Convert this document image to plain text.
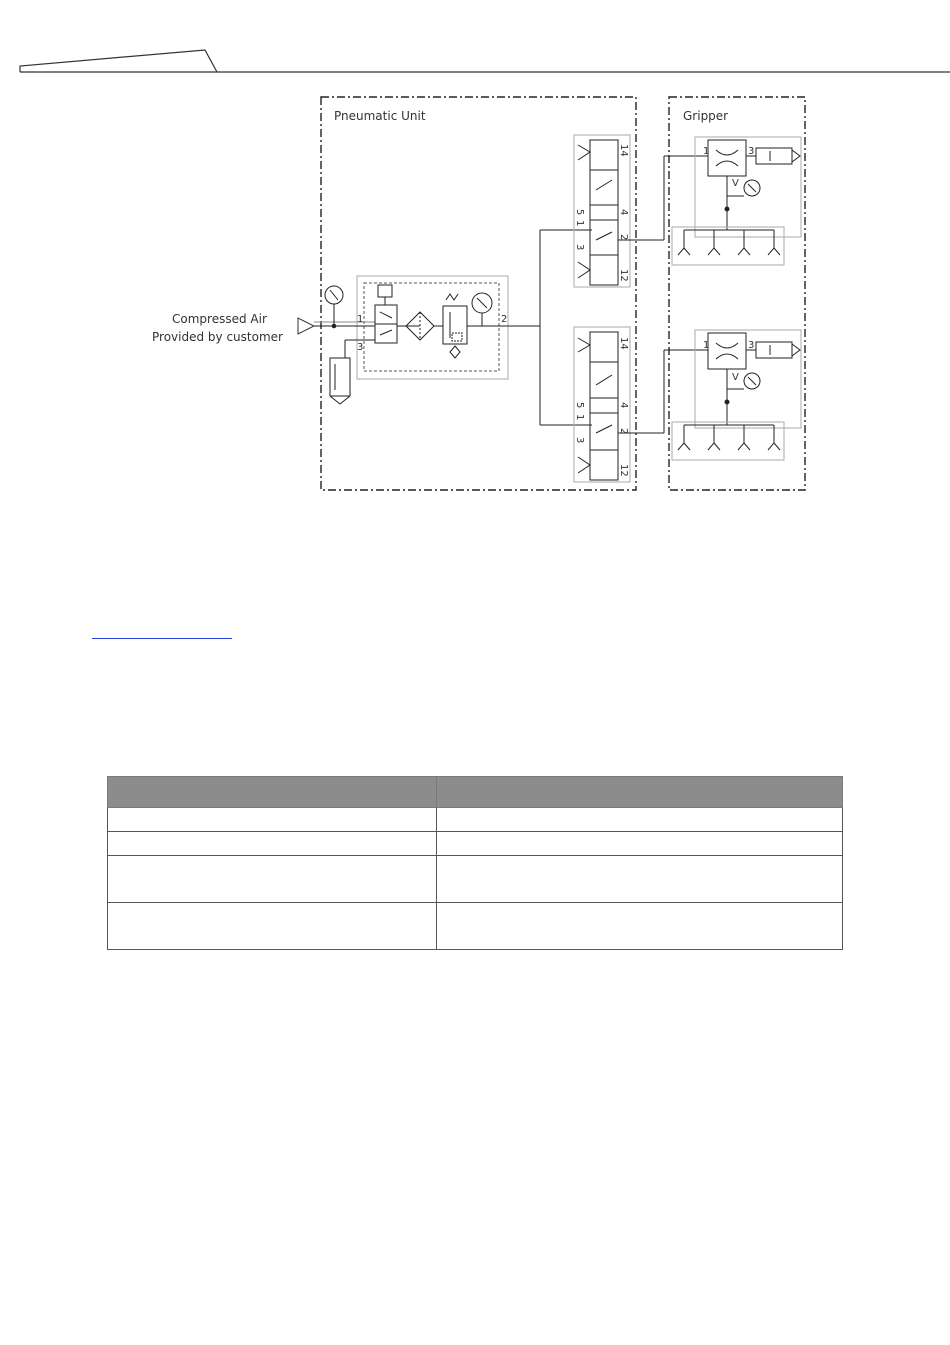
Pneumatic Unit	Gripper
Compressed Air
Provided by customer
1
3
2
14
4
5
1
2
3
12
14
4
5
1
2
3
12
1	3
V
1	3
V
